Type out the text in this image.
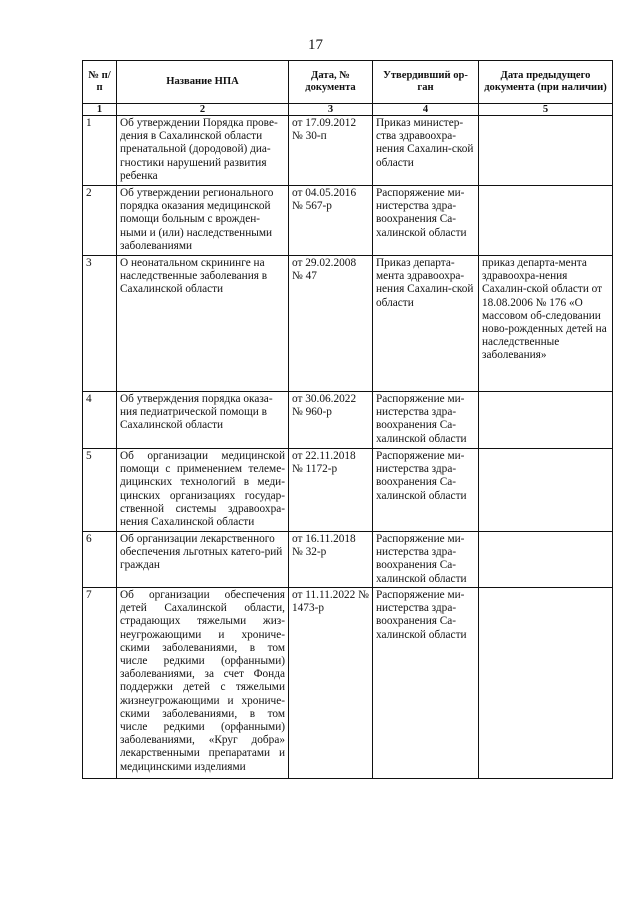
17
№ п/п	Название НПА	Дата, № документа	Утвердивший ор-ган	Дата предыдущего документа (при наличии)
1	2	3	4	5
1	Об утверждении Порядка прове-дения в Сахалинской области пренатальной (дородовой) диа-гностики нарушений развития ребенка	от 17.09.2012 № 30-п	Приказ министер-ства здравоохра-нения Сахалин-ской области	
2	Об утверждении регионального порядка оказания медицинской помощи больным с врожден-ными и (или) наследственными заболеваниями	от 04.05.2016 № 567-р	Распоряжение ми-нистерства здра-воохранения Са-халинской области	
3	О неонатальном скрининге на наследственные заболевания в Сахалинской области	от 29.02.2008 № 47	Приказ департа-мента здравоохра-нения Сахалин-ской области	приказ департа-мента здравоохра-нения Сахалин-ской области от 18.08.2006 № 176 «О массовом об-следовании ново-рожденных детей на наследственные заболевания»
4	Об утверждения порядка оказа-ния педиатрической помощи в Сахалинской области	от 30.06.2022 № 960-р	Распоряжение ми-нистерства здра-воохранения Са-халинской области	
5	Об организации медицинской помощи с применением телеме-дицинских технологий в меди-цинских организациях государ-ственной системы здравоохра-нения Сахалинской области	от 22.11.2018 № 1172-р	Распоряжение ми-нистерства здра-воохранения Са-халинской области	
6	Об организации лекарственного обеспечения льготных катего-рий граждан	от 16.11.2018 № 32-р	Распоряжение ми-нистерства здра-воохранения Са-халинской области	
7	Об организации обеспечения детей Сахалинской области, страдающих тяжелыми жиз-неугрожающими и хрониче-скими заболеваниями, в том числе редкими (орфанными) заболеваниями, за счет Фонда поддержки детей с тяжелыми жизнеугрожающими и хрониче-скими заболеваниями, в том числе редкими (орфанными) заболеваниями, «Круг добра» лекарственными препаратами и медицинскими изделиями	от 11.11.2022 № 1473-р	Распоряжение ми-нистерства здра-воохранения Са-халинской области	
